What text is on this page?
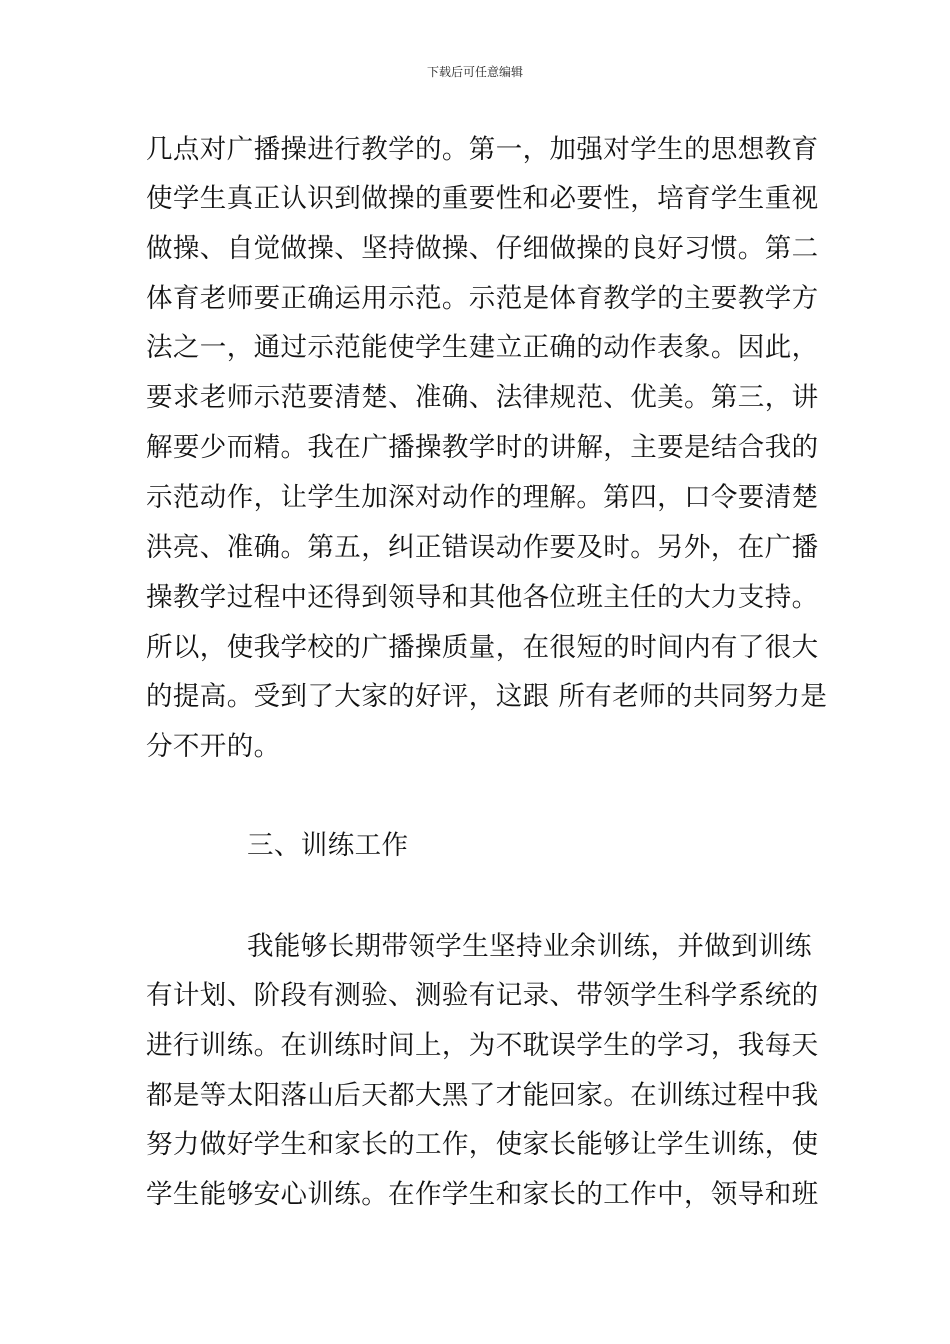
下载后可任意编辑
几点对广播操进行教学的。第一，加强对学生的思想教育
使学生真正认识到做操的重要性和必要性，培育学生重视
做操、自觉做操、坚持做操、仔细做操的良好习惯。第二
体育老师要正确运用示范。示范是体育教学的主要教学方
法之一，通过示范能使学生建立正确的动作表象。因此，
要求老师示范要清楚、准确、法律规范、优美。第三，讲
解要少而精。我在广播操教学时的讲解，主要是结合我的
示范动作，让学生加深对动作的理解。第四，口令要清楚
洪亮、准确。第五，纠正错误动作要及时。另外，在广播
操教学过程中还得到领导和其他各位班主任的大力支持。
所以，使我学校的广播操质量，在很短的时间内有了很大
的提高。受到了大家的好评，这跟 所有老师的共同努力是
分不开的。
三、训练工作
我能够长期带领学生坚持业余训练，并做到训练
有计划、阶段有测验、测验有记录、带领学生科学系统的
进行训练。在训练时间上，为不耽误学生的学习，我每天
都是等太阳落山后天都大黑了才能回家。在训练过程中我
努力做好学生和家长的工作，使家长能够让学生训练，使
学生能够安心训练。在作学生和家长的工作中，领导和班
